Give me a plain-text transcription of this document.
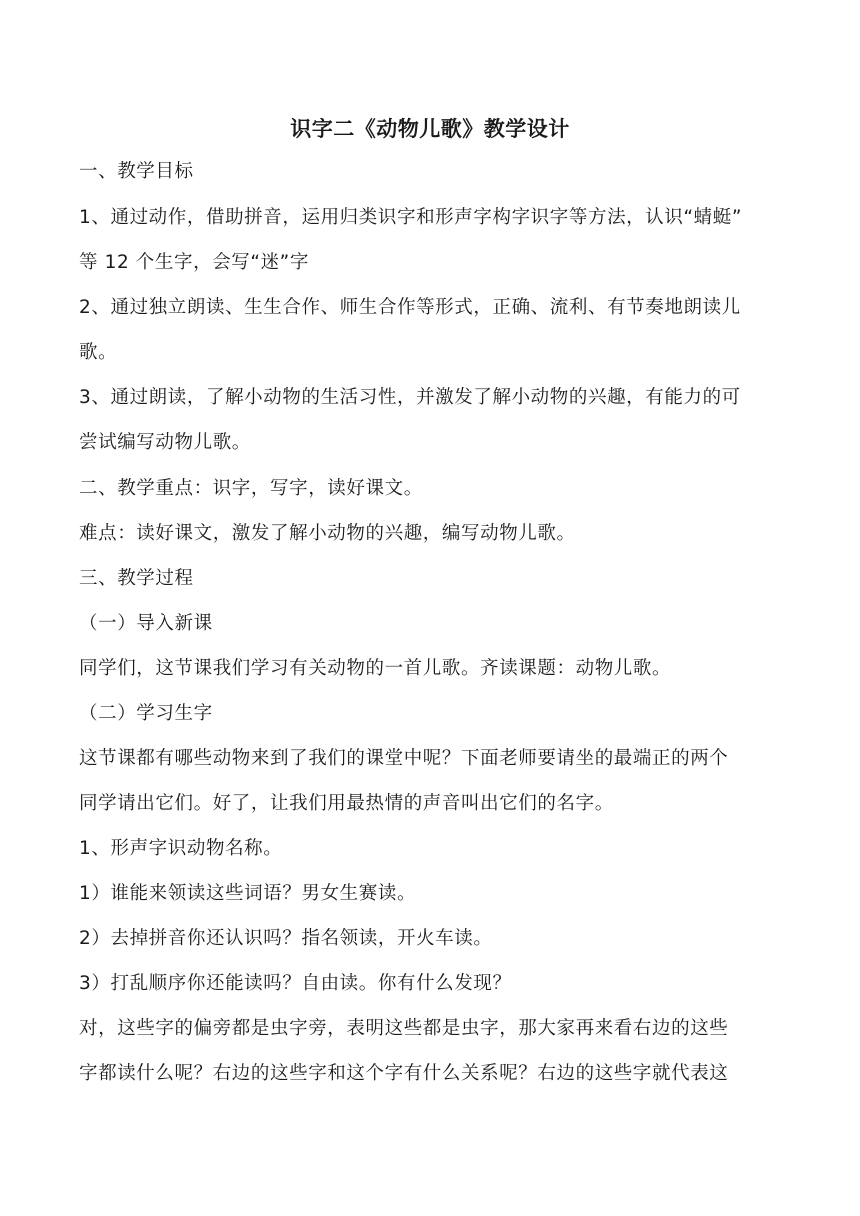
识字二《动物儿歌》教学设计
一、教学目标
1、通过动作，借助拼音，运用归类识字和形声字构字识字等方法，认识“蜻蜓”
等 12 个生字，会写“迷”字
2、通过独立朗读、生生合作、师生合作等形式，正确、流利、有节奏地朗读儿
歌。
3、通过朗读，了解小动物的生活习性，并激发了解小动物的兴趣，有能力的可
尝试编写动物儿歌。
二、教学重点：识字，写字，读好课文。
难点：读好课文，激发了解小动物的兴趣，编写动物儿歌。
三、教学过程
（一）导入新课
同学们，这节课我们学习有关动物的一首儿歌。齐读课题：动物儿歌。
（二）学习生字
这节课都有哪些动物来到了我们的课堂中呢？下面老师要请坐的最端正的两个
同学请出它们。好了，让我们用最热情的声音叫出它们的名字。
1、形声字识动物名称。
1）谁能来领读这些词语？男女生赛读。
2）去掉拼音你还认识吗？指名领读，开火车读。
3）打乱顺序你还能读吗？自由读。你有什么发现？
对，这些字的偏旁都是虫字旁，表明这些都是虫字，那大家再来看右边的这些
字都读什么呢？右边的这些字和这个字有什么关系呢？右边的这些字就代表这
